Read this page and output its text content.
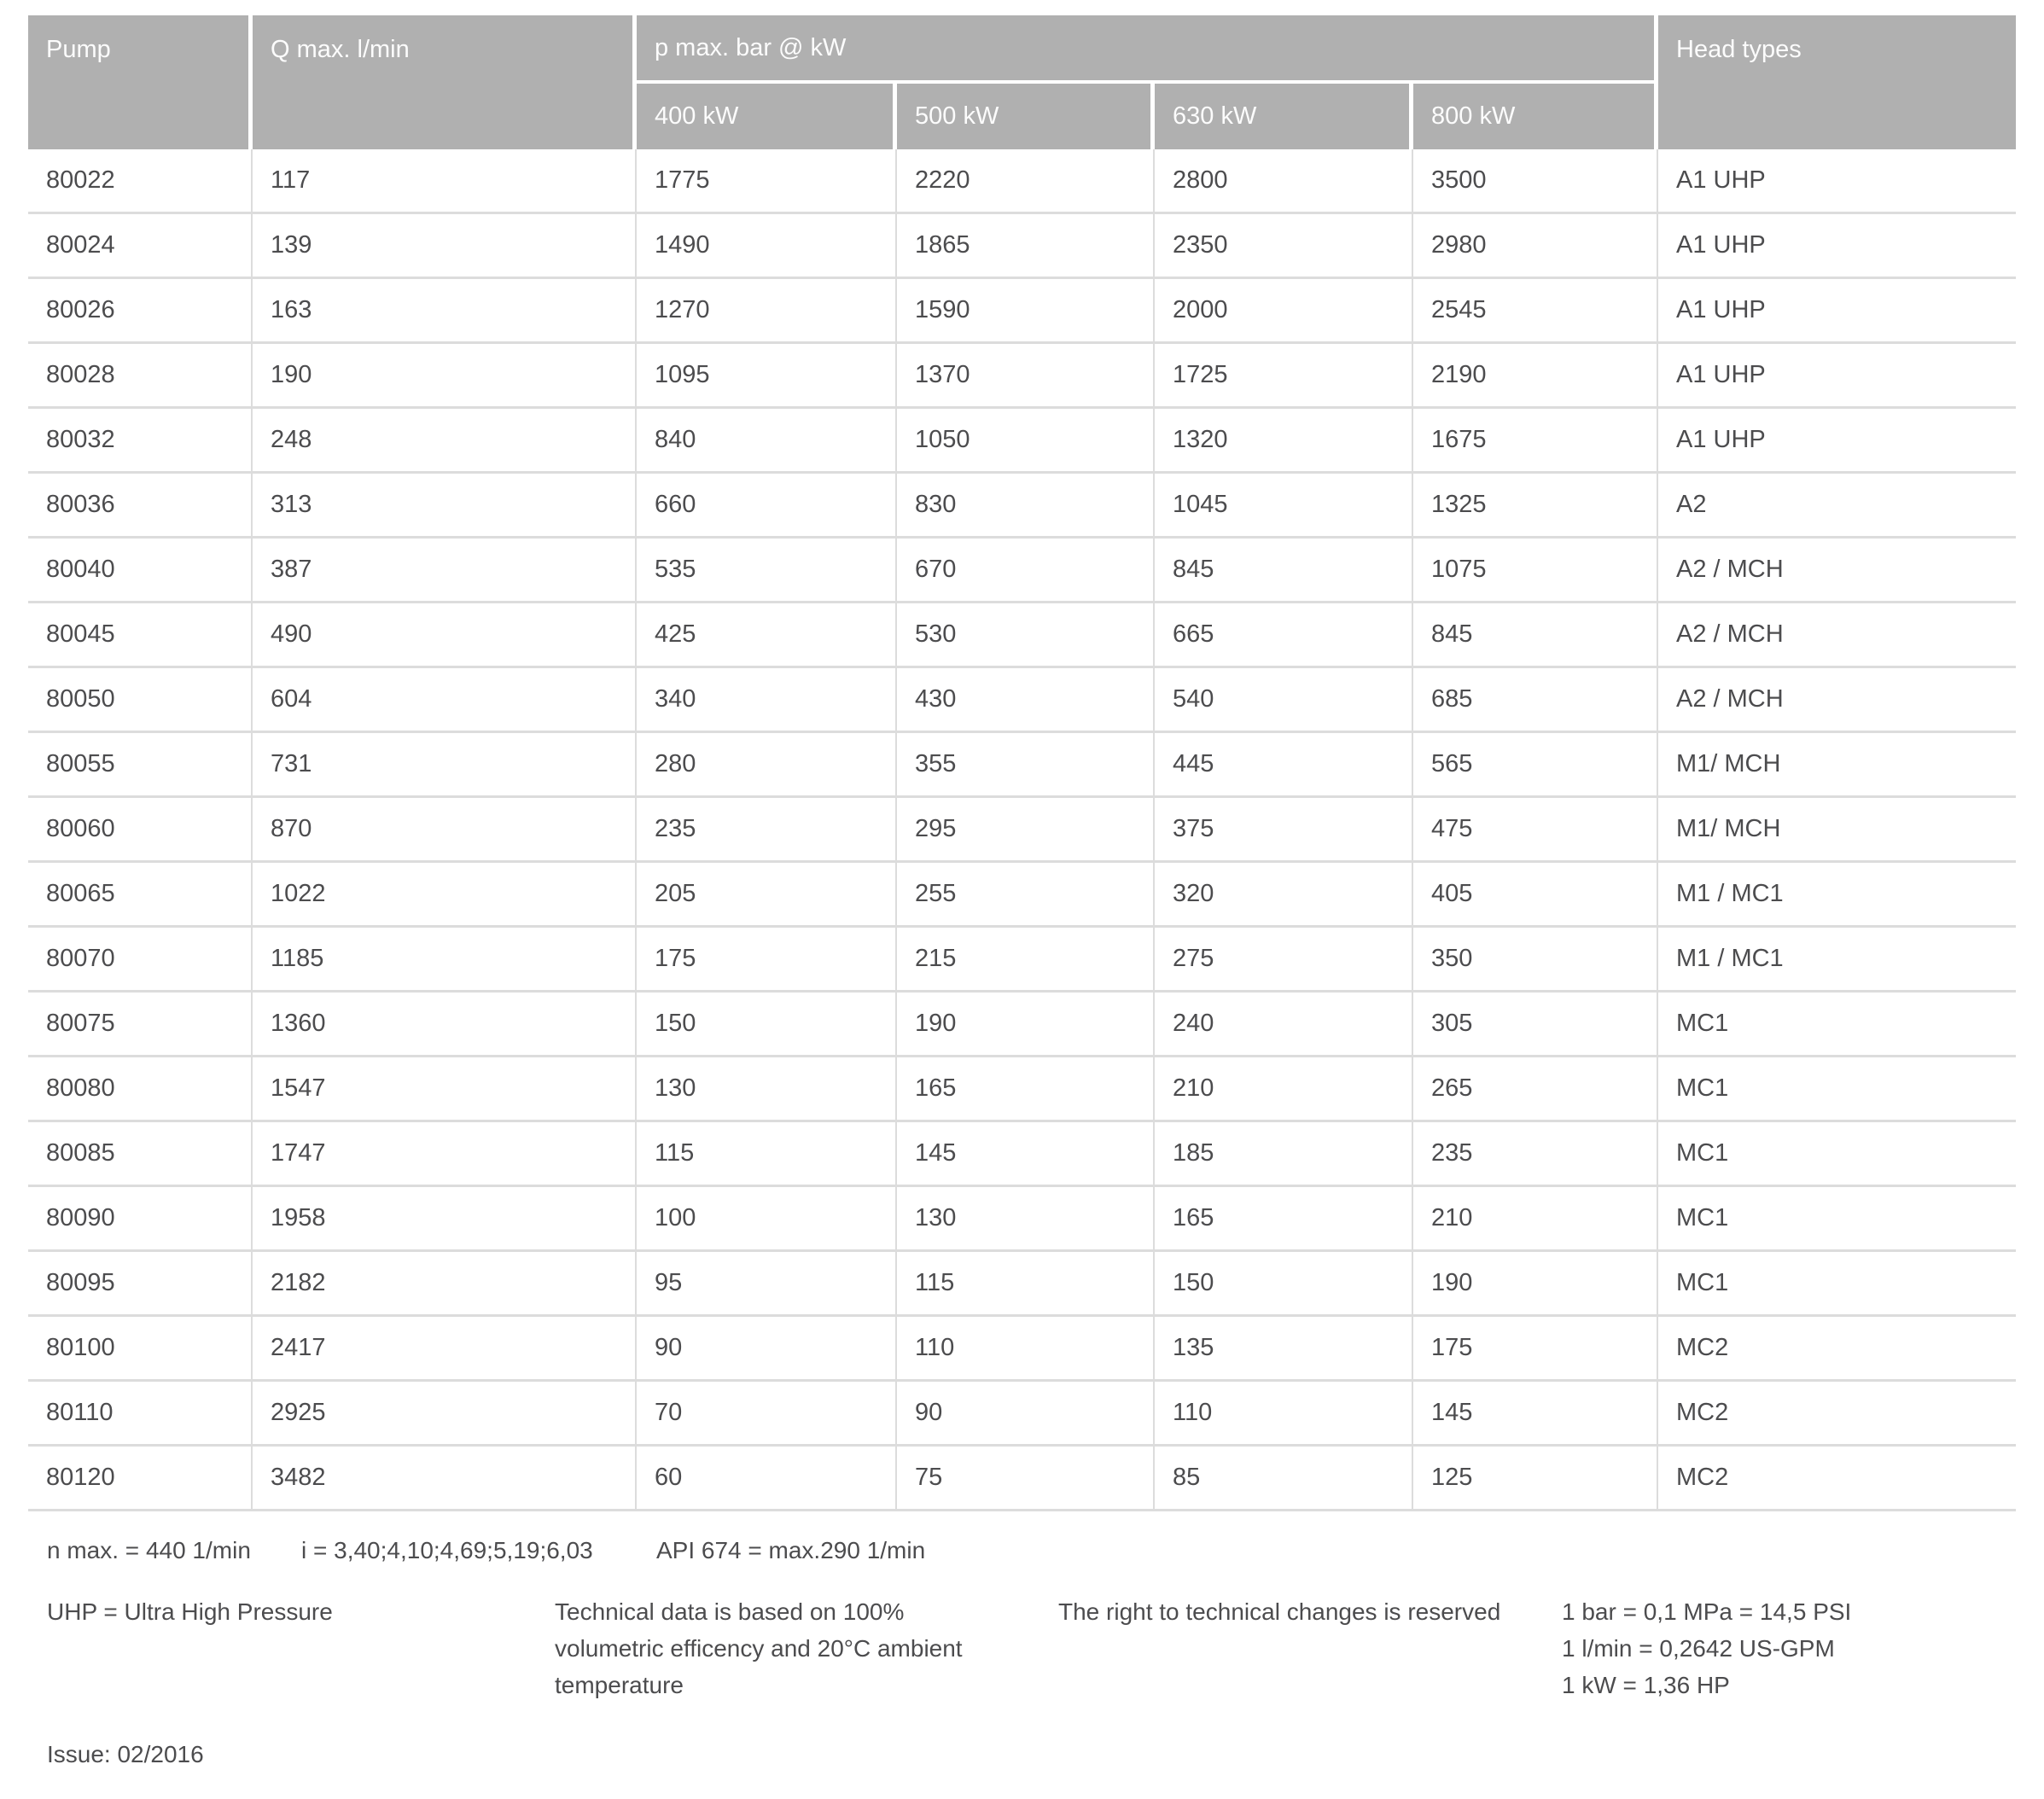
Pump	Q max. l/min	p max. bar @ kW				Head types
		400 kW	500 kW	630 kW	800 kW	
80022	117	1775	2220	2800	3500	A1 UHP
80024	139	1490	1865	2350	2980	A1 UHP
80026	163	1270	1590	2000	2545	A1 UHP
80028	190	1095	1370	1725	2190	A1 UHP
80032	248	840	1050	1320	1675	A1 UHP
80036	313	660	830	1045	1325	A2
80040	387	535	670	845	1075	A2 / MCH
80045	490	425	530	665	845	A2 / MCH
80050	604	340	430	540	685	A2 / MCH
80055	731	280	355	445	565	M1/ MCH
80060	870	235	295	375	475	M1/ MCH
80065	1022	205	255	320	405	M1 / MC1
80070	1185	175	215	275	350	M1 / MC1
80075	1360	150	190	240	305	MC1
80080	1547	130	165	210	265	MC1
80085	1747	115	145	185	235	MC1
80090	1958	100	130	165	210	MC1
80095	2182	95	115	150	190	MC1
80100	2417	90	110	135	175	MC2
80110	2925	70	90	110	145	MC2
80120	3482	60	75	85	125	MC2
n max. = 440 1/min i = 3,40;4,10;4,69;5,19;6,03	API 674 = max.290 1/min
UHP = Ultra High Pressure	Technical data is based on 100%
volumetric efficency and 20°C ambient
temperature
The right to technical changes is reserved	1 bar = 0,1 MPa = 14,5 PSI
1 l/min = 0,2642 US-GPM
1 kW = 1,36 HP
Issue: 02/2016
